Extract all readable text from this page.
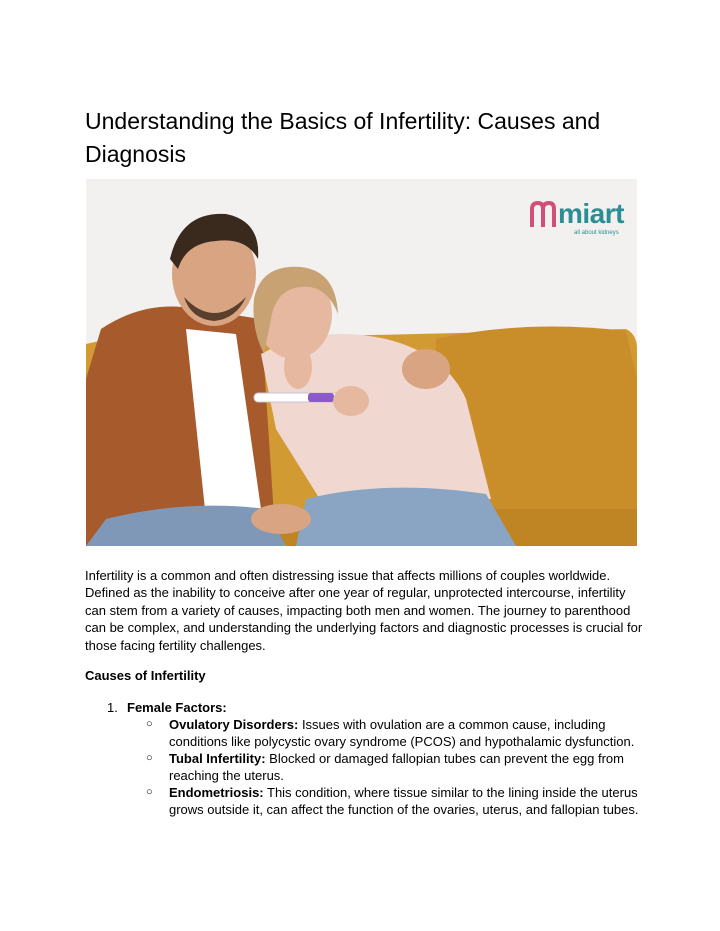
Understanding the Basics of Infertility: Causes and Diagnosis
miart
all about kidneys

Infertility is a common and often distressing issue that affects millions of couples worldwide. Defined as the inability to conceive after one year of regular, unprotected intercourse, infertility can stem from a variety of causes, impacting both men and women. The journey to parenthood can be complex, and understanding the underlying factors and diagnostic processes is crucial for those facing fertility challenges.

Causes of Infertility
1. Female Factors:
○ Ovulatory Disorders: Issues with ovulation are a common cause, including conditions like polycystic ovary syndrome (PCOS) and hypothalamic dysfunction.
○ Tubal Infertility: Blocked or damaged fallopian tubes can prevent the egg from reaching the uterus.
○ Endometriosis: This condition, where tissue similar to the lining inside the uterus grows outside it, can affect the function of the ovaries, uterus, and fallopian tubes.
